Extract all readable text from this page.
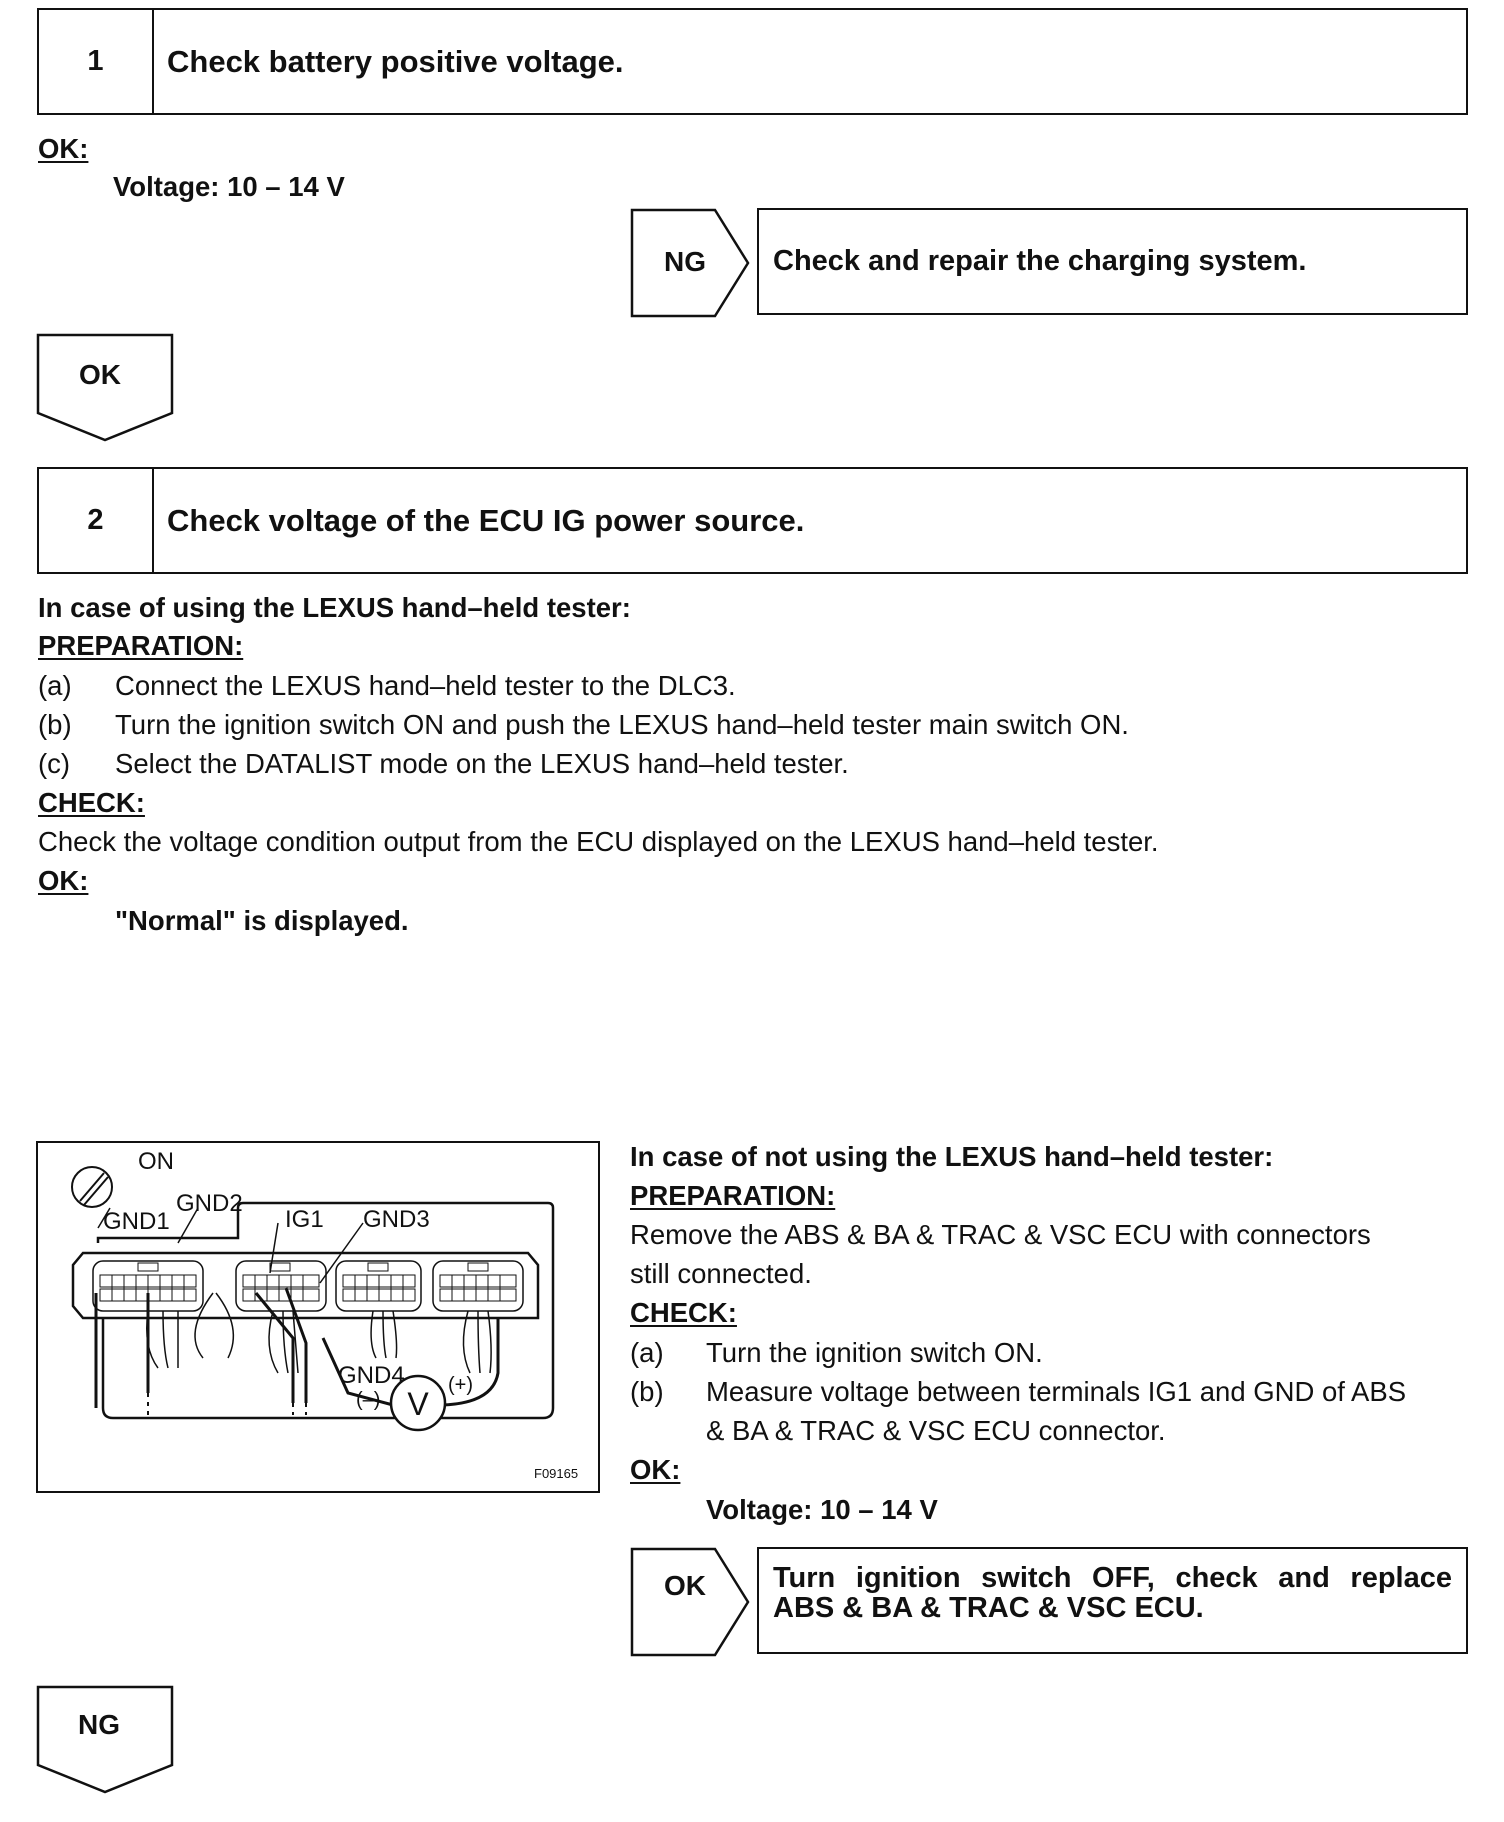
1	Check battery positive voltage.
OK:
Voltage: 10 – 14 V
NG	Check and repair the charging system.
OK
2	Check voltage of the ECU IG power source.
In case of using the LEXUS hand–held tester:
PREPARATION:
(a) Connect the LEXUS hand–held tester to the DLC3.
(b) Turn the ignition switch ON and push the LEXUS hand–held tester main switch ON.
(c) Select the DATALIST mode on the LEXUS hand–held tester.
CHECK:
Check the voltage condition output from the ECU displayed on the LEXUS hand–held tester.
OK:
"Normal" is displayed.
V
ON
GND2
GND1	IG1 GND3
GND4
(–)
(+)
F09165
In case of not using the LEXUS hand–held tester:
PREPARATION:
Remove the ABS & BA & TRAC & VSC ECU with connectors
still connected.
CHECK:
(a) Turn the ignition switch ON.
(b) Measure voltage between terminals IG1 and GND of ABS
& BA & TRAC & VSC ECU connector.
OK:
Voltage: 10 – 14 V
OK Turn ignition switch OFF, check and replace
ABS & BA & TRAC & VSC ECU.
NG
